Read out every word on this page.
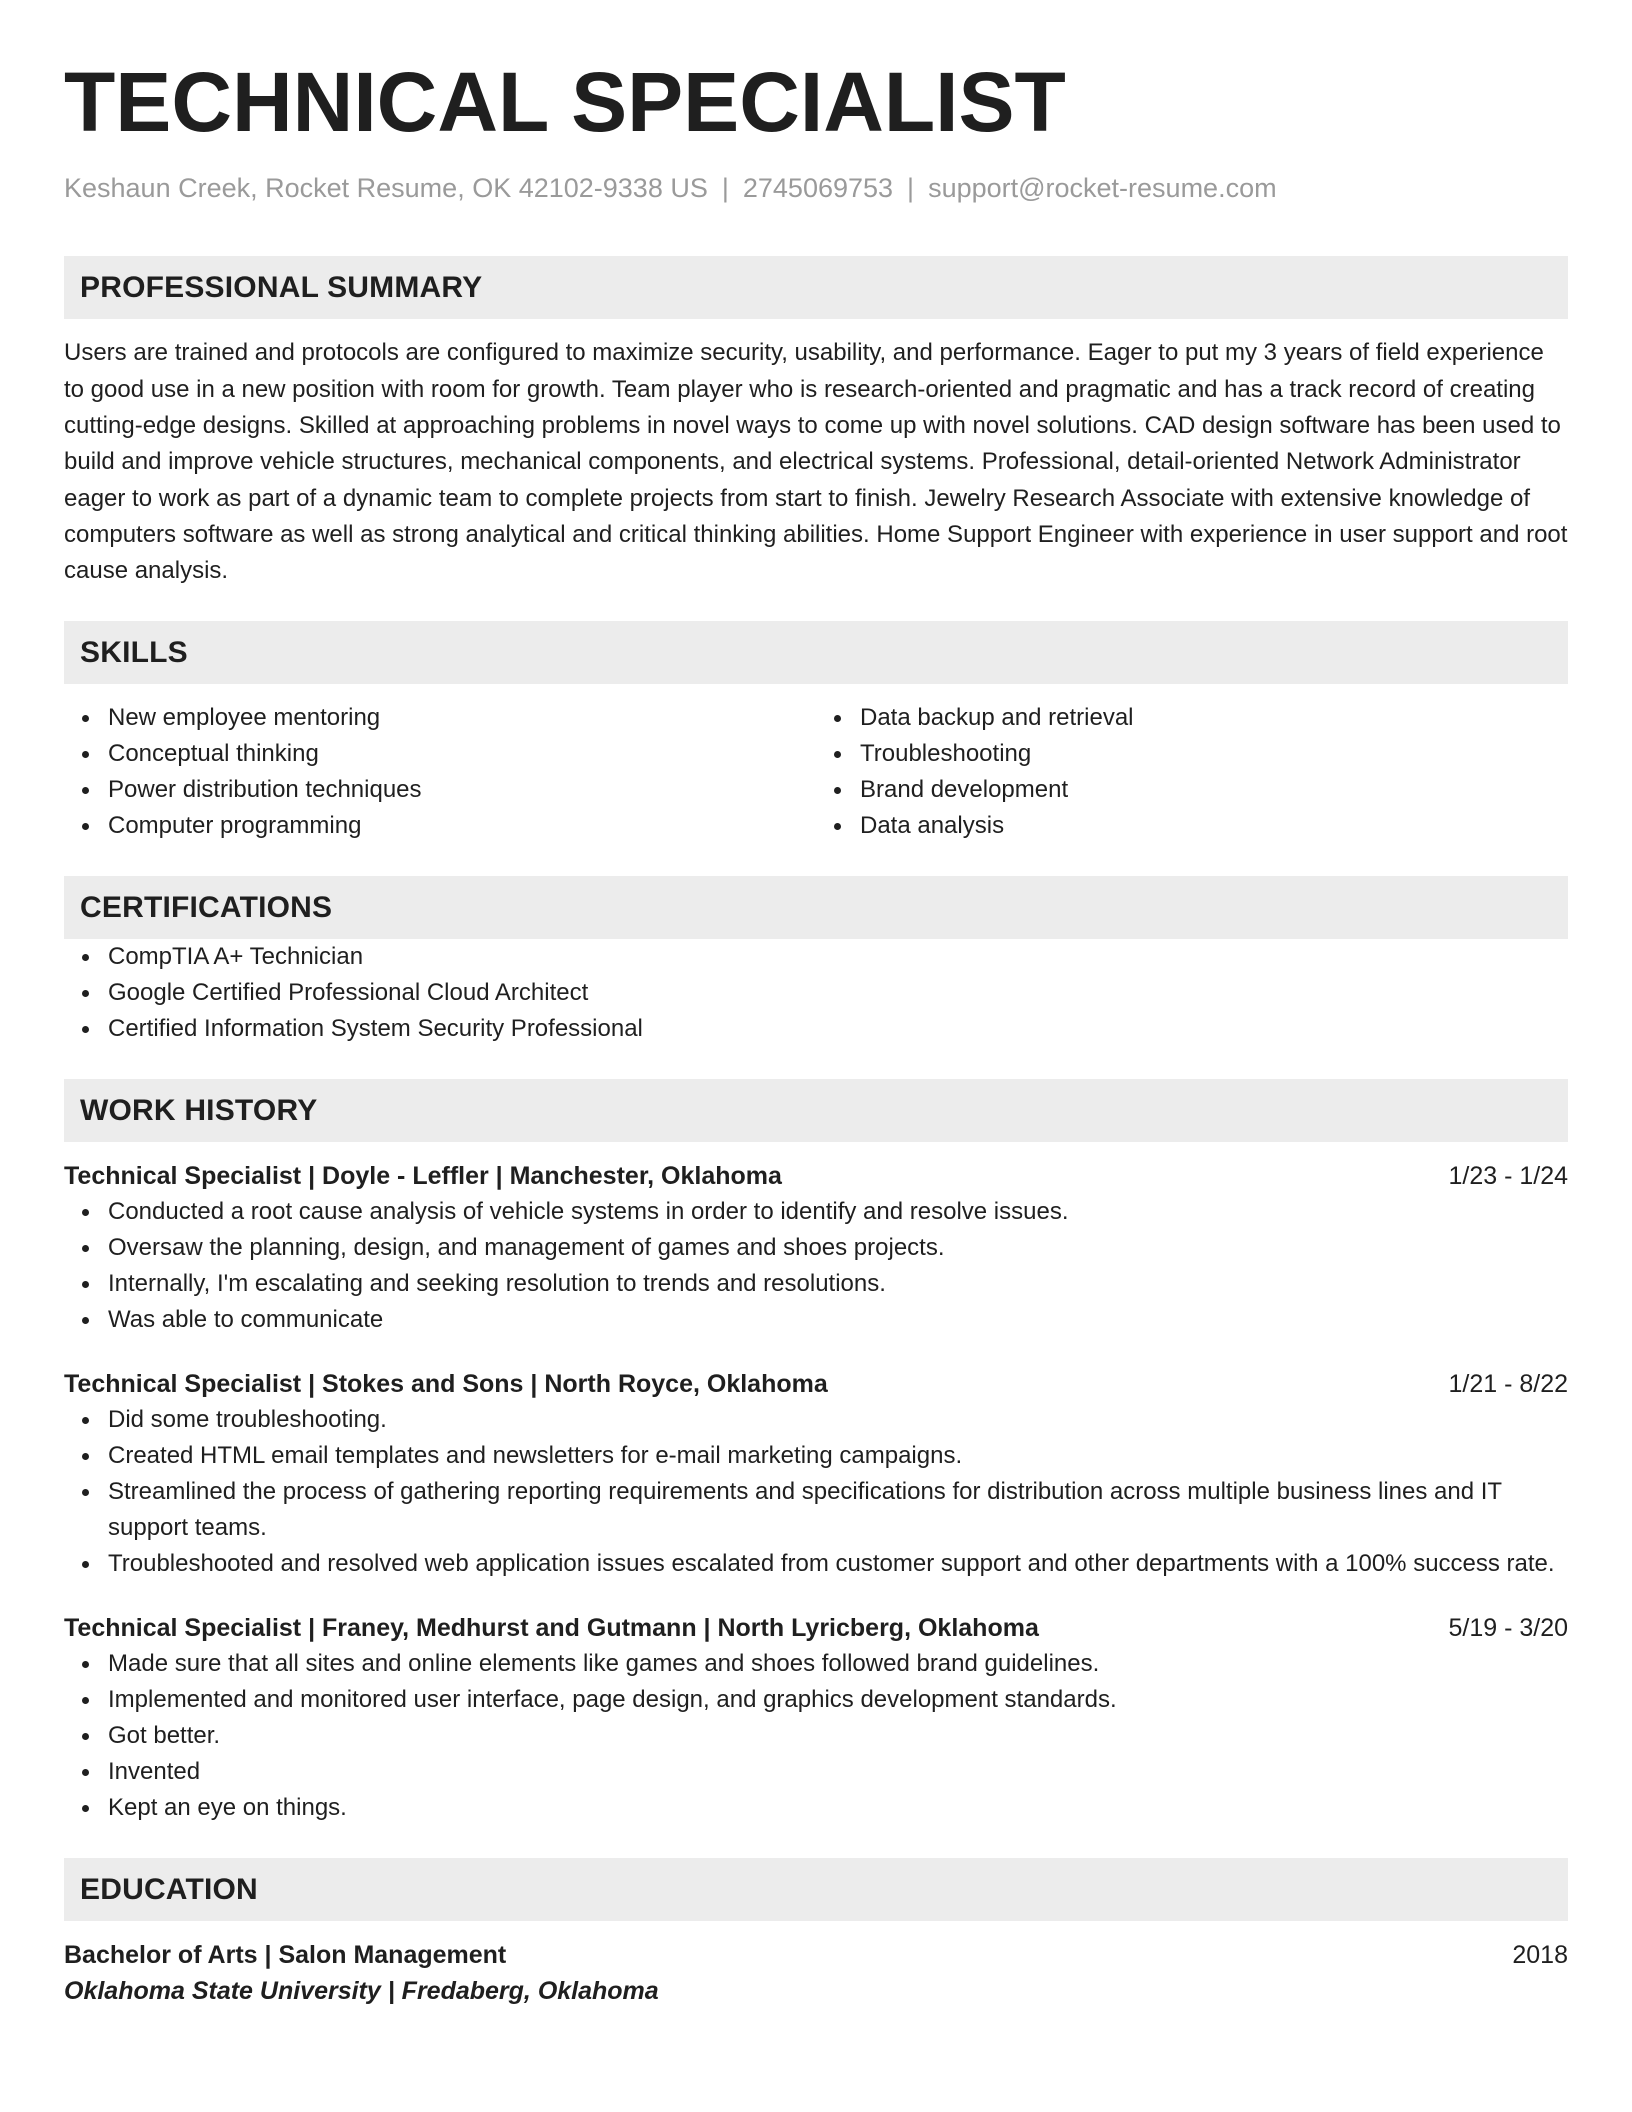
TECHNICAL SPECIALIST
Keshaun Creek, Rocket Resume, OK 42102-9338 US | 2745069753 | support@rocket-resume.com
PROFESSIONAL SUMMARY

Users are trained and protocols are configured to maximize security, usability, and performance. Eager to put my 3 years of field experience to good use in a new position with room for growth. Team player who is research-oriented and pragmatic and has a track record of creating cutting-edge designs. Skilled at approaching problems in novel ways to come up with novel solutions. CAD design software has been used to build and improve vehicle structures, mechanical components, and electrical systems. Professional, detail-oriented Network Administrator eager to work as part of a dynamic team to complete projects from start to finish. Jewelry Research Associate with extensive knowledge of computers software as well as strong analytical and critical thinking abilities. Home Support Engineer with experience in user support and root cause analysis.

SKILLS
New employee mentoring
Conceptual thinking
Power distribution techniques
Computer programming
Data backup and retrieval
Troubleshooting
Brand development
Data analysis
CERTIFICATIONS
CompTIA A+ Technician
Google Certified Professional Cloud Architect
Certified Information System Security Professional
WORK HISTORY
Technical Specialist | Doyle - Leffler | Manchester, Oklahoma	1/23 - 1/24
Conducted a root cause analysis of vehicle systems in order to identify and resolve issues.
Oversaw the planning, design, and management of games and shoes projects.
Internally, I'm escalating and seeking resolution to trends and resolutions.
Was able to communicate
Technical Specialist | Stokes and Sons | North Royce, Oklahoma	1/21 - 8/22
Did some troubleshooting.
Created HTML email templates and newsletters for e-mail marketing campaigns.
Streamlined the process of gathering reporting requirements and specifications for distribution across multiple business lines and IT support teams.
Troubleshooted and resolved web application issues escalated from customer support and other departments with a 100% success rate.
Technical Specialist | Franey, Medhurst and Gutmann | North Lyricberg, Oklahoma	5/19 - 3/20
Made sure that all sites and online elements like games and shoes followed brand guidelines.
Implemented and monitored user interface, page design, and graphics development standards.
Got better.
Invented
Kept an eye on things.
EDUCATION
Bachelor of Arts | Salon Management	2018
Oklahoma State University | Fredaberg, Oklahoma
